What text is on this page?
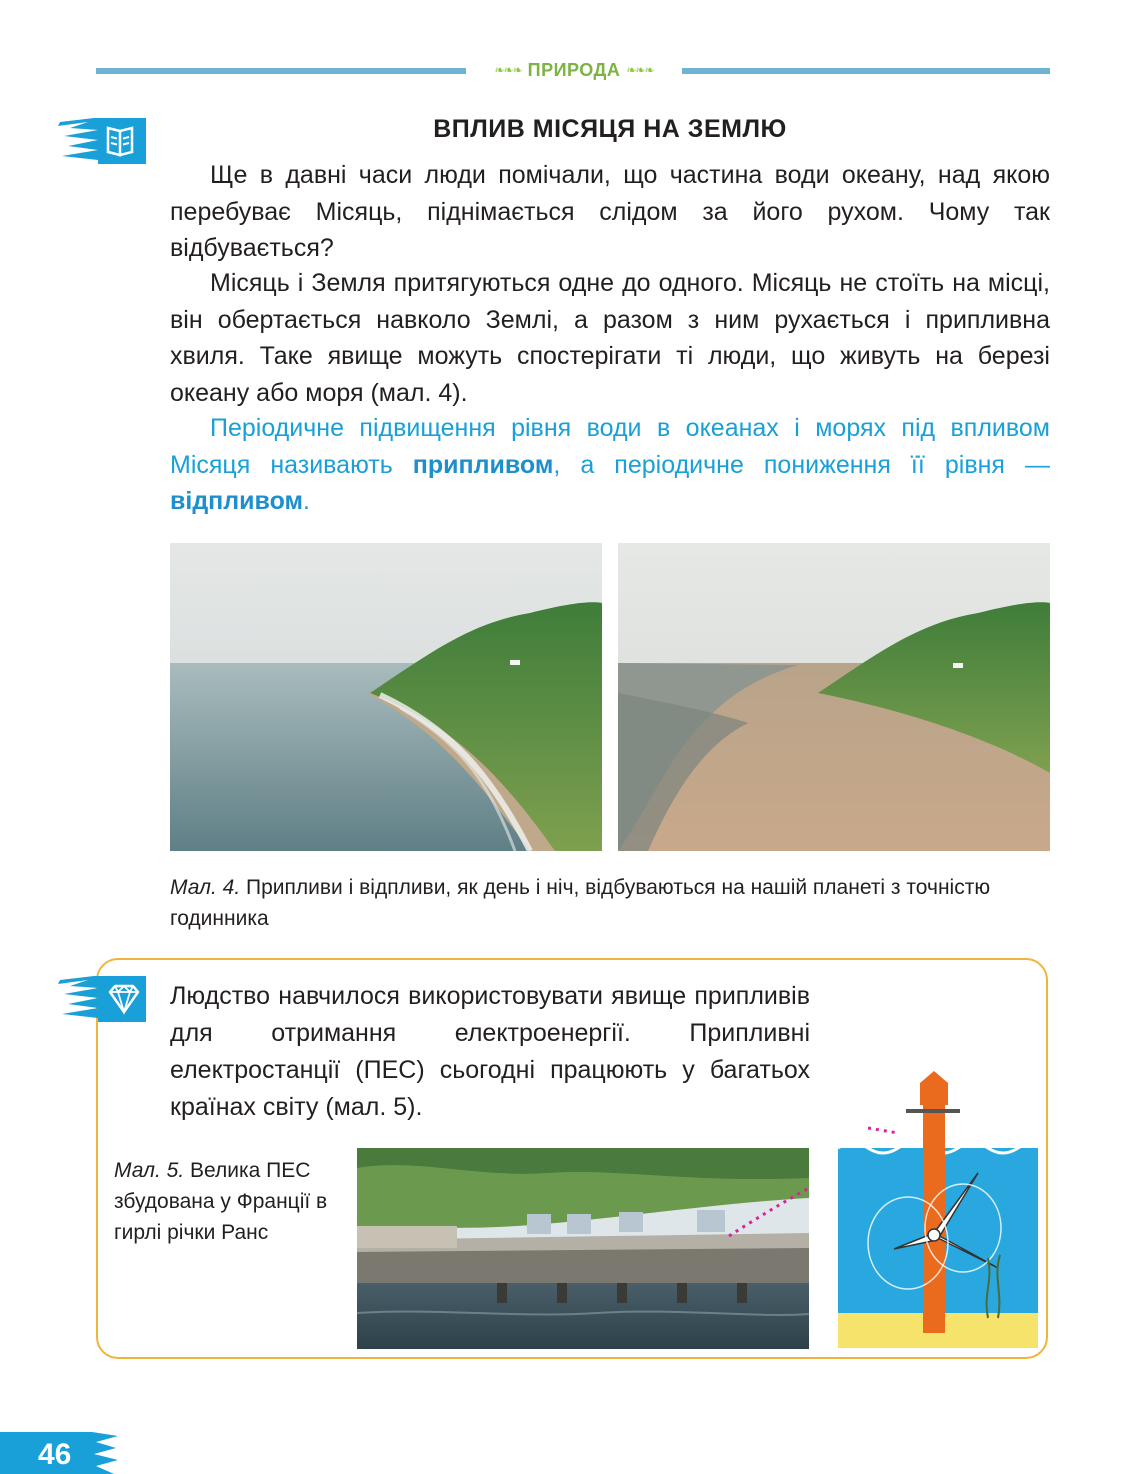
❧❧❧ ПРИРОДА ❧❧❧
ВПЛИВ МІСЯЦЯ НА ЗЕМЛЮ

Ще в давні часи люди помічали, що частина води океану, над якою перебуває Місяць, піднімається слідом за його рухом. Чому так відбувається?

Місяць і Земля притягуються одне до одного. Місяць не стоїть на місці, він обертається навколо Землі, а разом з ним рухається і припливна хвиля. Таке явище можуть спостерігати ті люди, що живуть на березі океану або моря (мал. 4).

Періодичне підвищення рівня води в океанах і морях під впливом Місяця називають припливом, а періодичне пониження її рівня — відпливом.

Мал. 4. Припливи і відпливи, як день і ніч, відбуваються на нашій планеті з точністю годинника

Людство навчилося використовувати явище припливів для отримання електроенергії. Припливні електростанції (ПЕС) сьогодні працюють у багатьох країнах світу (мал. 5).

Мал. 5. Велика ПЕС збудована у Франції в гирлі річки Ранс

46
